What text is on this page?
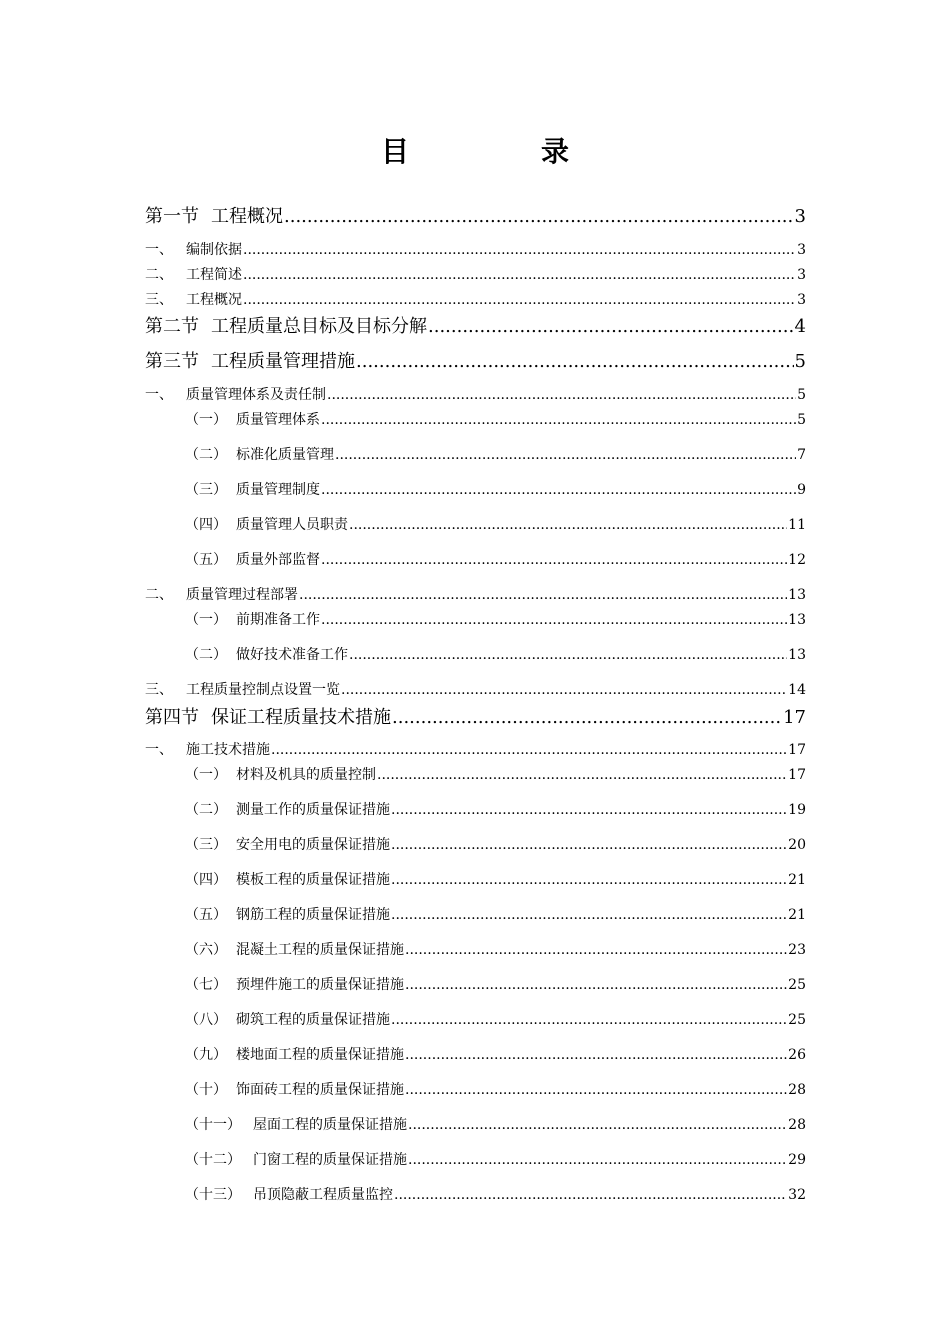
目　录
第一节 工程概况 .....	3
一、 编制依据 .....	3
二、 工程简述 .....	3
三、 工程概况 .....	3
第二节 工程质量总目标及目标分解 .....	4
第三节 工程质量管理措施 .....	5
一、 质量管理体系及责任制 .....	5
（一） 质量管理体系 .....	5
（二） 标准化质量管理 .....	7
（三） 质量管理制度 .....	9
（四） 质量管理人员职责 .....	11
（五） 质量外部监督 .....	12
二、 质量管理过程部署 .....	13
（一） 前期准备工作 .....	13
（二） 做好技术准备工作 .....	13
三、 工程质量控制点设置一览 .....	14
第四节 保证工程质量技术措施 .....	17
一、 施工技术措施 .....	17
（一） 材料及机具的质量控制 .....	17
（二） 测量工作的质量保证措施 .....	19
（三） 安全用电的质量保证措施 .....	20
（四） 模板工程的质量保证措施 .....	21
（五） 钢筋工程的质量保证措施 .....	21
（六） 混凝土工程的质量保证措施 .....	23
（七） 预埋件施工的质量保证措施 .....	25
（八） 砌筑工程的质量保证措施 .....	25
（九） 楼地面工程的质量保证措施 .....	26
（十） 饰面砖工程的质量保证措施 .....	28
（十一） 屋面工程的质量保证措施 .....	28
（十二） 门窗工程的质量保证措施 .....	29
（十三） 吊顶隐蔽工程质量监控 .....	32
